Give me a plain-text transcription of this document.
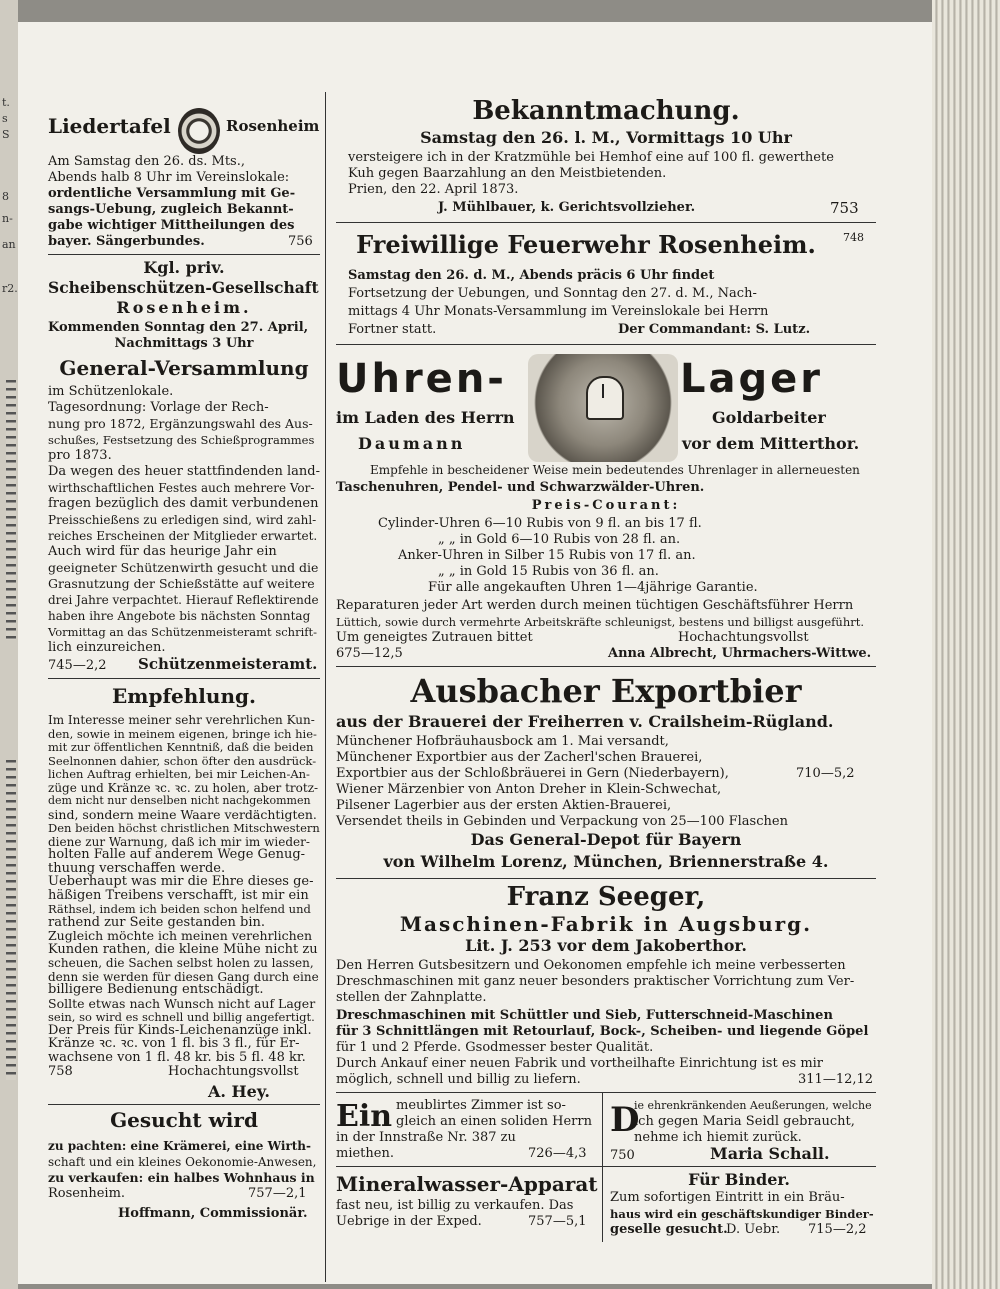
t.
s
S
n-
8
an
r2.
Liedertafel	Rosenheim
Am Samstag den 26. ds. Mts.,
Abends halb 8 Uhr im Vereinslokale:
ordentliche Versammlung mit Ge-
sangs-Uebung, zugleich Bekannt-
gabe wichtiger Mittheilungen des
bayer. Sängerbundes.	756
Kgl. priv.
Scheibenschützen-Gesellschaft
Rosenheim.
Kommenden Sonntag den 27. April,
Nachmittags 3 Uhr
General-Versammlung
im Schützenlokale.
Tagesordnung: Vorlage der Rech-
nung pro 1872, Ergänzungswahl des Aus-
schußes, Festsetzung des Schießprogrammes
pro 1873.
Da wegen des heuer stattfindenden land-
wirthschaftlichen Festes auch mehrere Vor-
fragen bezüglich des damit verbundenen
Preisschießens zu erledigen sind, wird zahl-
reiches Erscheinen der Mitglieder erwartet.
Auch wird für das heurige Jahr ein
geeigneter Schützenwirth gesucht und die
Grasnutzung der Schießstätte auf weitere
drei Jahre verpachtet. Hierauf Reflektirende
haben ihre Angebote bis nächsten Sonntag
Vormittag an das Schützenmeisteramt schrift-
lich einzureichen.
745—2,2 Schützenmeisteramt.
Empfehlung.
Im Interesse meiner sehr verehrlichen Kun-
den, sowie in meinem eigenen, bringe ich hie-
mit zur öffentlichen Kenntniß, daß die beiden
Seelnonnen dahier, schon öfter den ausdrück-
lichen Auftrag erhielten, bei mir Leichen-An-
züge und Kränze ꝛc. ꝛc. zu holen, aber trotz-
dem nicht nur denselben nicht nachgekommen
sind, sondern meine Waare verdächtigten.
Den beiden höchst christlichen Mitschwestern
diene zur Warnung, daß ich mir im wieder-
holten Falle auf anderem Wege Genug-
thuung verschaffen werde.
Ueberhaupt was mir die Ehre dieses ge-
häßigen Treibens verschafft, ist mir ein
Räthsel, indem ich beiden schon helfend und
rathend zur Seite gestanden bin.
Zugleich möchte ich meinen verehrlichen
Kunden rathen, die kleine Mühe nicht zu
scheuen, die Sachen selbst holen zu lassen,
denn sie werden für diesen Gang durch eine
billigere Bedienung entschädigt.
Sollte etwas nach Wunsch nicht auf Lager
sein, so wird es schnell und billig angefertigt.
Der Preis für Kinds-Leichenanzüge inkl.
Kränze ꝛc. ꝛc. von 1 fl. bis 3 fl., für Er-
wachsene von 1 fl. 48 kr. bis 5 fl. 48 kr.
758	Hochachtungsvollst
A. Hey.
Gesucht wird
zu pachten: eine Krämerei, eine Wirth-
schaft und ein kleines Oekonomie-Anwesen,
zu verkaufen: ein halbes Wohnhaus in
Rosenheim.	757—2,1
Hoffmann, Commissionär.
Bekanntmachung.
Samstag den 26. l. M., Vormittags 10 Uhr
versteigere ich in der Kratzmühle bei Hemhof eine auf 100 fl. gewerthete
Kuh gegen Baarzahlung an den Meistbietenden.
Prien, den 22. April 1873.
J. Mühlbauer, k. Gerichtsvollzieher.	753
Freiwillige Feuerwehr Rosenheim.	748
Samstag den 26. d. M., Abends präcis 6 Uhr findet
Fortsetzung der Uebungen, und Sonntag den 27. d. M., Nach-
mittags 4 Uhr Monats-Versammlung im Vereinslokale bei Herrn
Fortner statt.	Der Commandant: S. Lutz.
Uhren-	Lager
im Laden des Herrn
Daumann
Goldarbeiter
vor dem Mitterthor.
Empfehle in bescheidener Weise mein bedeutendes Uhrenlager in allerneuesten
Taschenuhren, Pendel- und Schwarzwälder-Uhren.
Preis-Courant:
Cylinder-Uhren 6—10 Rubis von 9 fl. an bis 17 fl.
„ „ in Gold 6—10 Rubis von 28 fl. an.
Anker-Uhren in Silber 15 Rubis von 17 fl. an.
„ „ in Gold 15 Rubis von 36 fl. an.
Für alle angekauften Uhren 1—4jährige Garantie.
Reparaturen jeder Art werden durch meinen tüchtigen Geschäftsführer Herrn
Lüttich, sowie durch vermehrte Arbeitskräfte schleunigst, bestens und billigst ausgeführt.
Um geneigtes Zutrauen bittet	Hochachtungsvollst
675—12,5	Anna Albrecht, Uhrmachers-Wittwe.
Ausbacher Exportbier
aus der Brauerei der Freiherren v. Crailsheim-Rügland.
Münchener Hofbräuhausbock am 1. Mai versandt,
Münchener Exportbier aus der Zacherl'schen Brauerei,
Exportbier aus der Schloßbräuerei in Gern (Niederbayern),	710—5,2
Wiener Märzenbier von Anton Dreher in Klein-Schwechat,
Pilsener Lagerbier aus der ersten Aktien-Brauerei,
Versendet theils in Gebinden und Verpackung von 25—100 Flaschen
Das General-Depot für Bayern
von Wilhelm Lorenz, München, Briennerstraße 4.
Franz Seeger,
Maschinen-Fabrik in Augsburg.
Lit. J. 253 vor dem Jakoberthor.
Den Herren Gutsbesitzern und Oekonomen empfehle ich meine verbesserten
Dreschmaschinen mit ganz neuer besonders praktischer Vorrichtung zum Ver-
stellen der Zahnplatte.
Dreschmaschinen mit Schüttler und Sieb, Futterschneid-Maschinen
für 3 Schnittlängen mit Retourlauf, Bock-, Scheiben- und liegende Göpel
für 1 und 2 Pferde. Gsodmesser bester Qualität.
Durch Ankauf einer neuen Fabrik und vortheilhafte Einrichtung ist es mir
möglich, schnell und billig zu liefern.	311—12,12
Ein meublirtes Zimmer ist so-
gleich an einen soliden Herrn
in der Innstraße Nr. 387 zu
miethen.	726—4,3
D
ie ehrenkränkenden Aeußerungen, welche
ich gegen Maria Seidl gebraucht,
nehme ich hiemit zurück.
750	Maria Schall.
Mineralwasser-Apparat
fast neu, ist billig zu verkaufen. Das
Uebrige in der Exped.	757—5,1
Für Binder.
Zum sofortigen Eintritt in ein Bräu-
haus wird ein geschäftskundiger Binder-
geselle gesucht.
D. Uebr. 715—2,2
